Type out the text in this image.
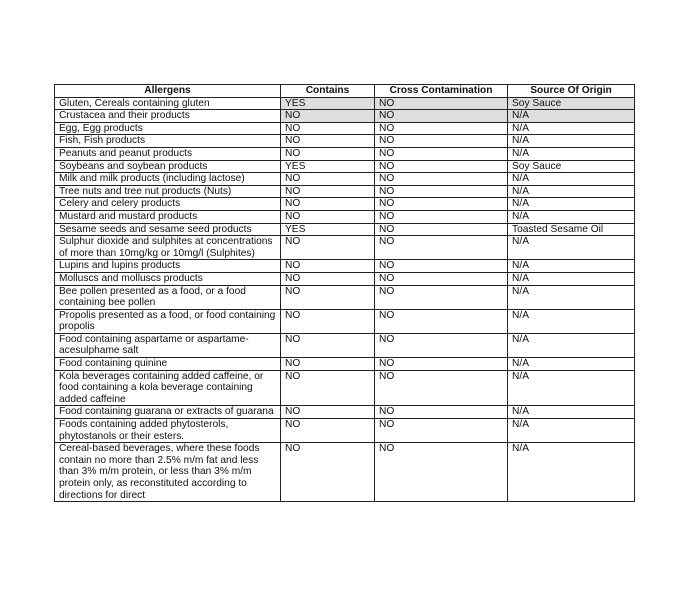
Allergens	Contains	Cross Contamination	Source Of Origin
Gluten, Cereals containing gluten	YES	NO	Soy Sauce
Crustacea and their products	NO	NO	N/A
Egg, Egg products	NO	NO	N/A
Fish, Fish products	NO	NO	N/A
Peanuts and peanut products	NO	NO	N/A
Soybeans and soybean products	YES	NO	Soy Sauce
Milk and milk products (including lactose)	NO	NO	N/A
Tree nuts and tree nut products (Nuts)	NO	NO	N/A
Celery and celery products	NO	NO	N/A
Mustard and mustard products	NO	NO	N/A
Sesame seeds and sesame seed products	YES	NO	Toasted Sesame Oil
Sulphur dioxide and sulphites at concentrations of more than 10mg/kg or 10mg/l (Sulphites)	NO	NO	N/A
Lupins and lupins products	NO	NO	N/A
Molluscs and molluscs products	NO	NO	N/A
Bee pollen presented as a food, or a food containing bee pollen	NO	NO	N/A
Propolis presented as a food, or food containing propolis	NO	NO	N/A
Food containing aspartame or aspartame-acesulphame salt	NO	NO	N/A
Food containing quinine	NO	NO	N/A
Kola beverages containing added caffeine, or food containing a kola beverage containing added caffeine	NO	NO	N/A
Food containing guarana or extracts of guarana	NO	NO	N/A
Foods containing added phytosterols, phytostanols or their esters.	NO	NO	N/A
Cereal-based beverages, where these foods contain no more than 2.5% m/m fat and less than 3% m/m protein, or less than 3% m/m protein only, as reconstituted according to directions for direct	NO	NO	N/A
